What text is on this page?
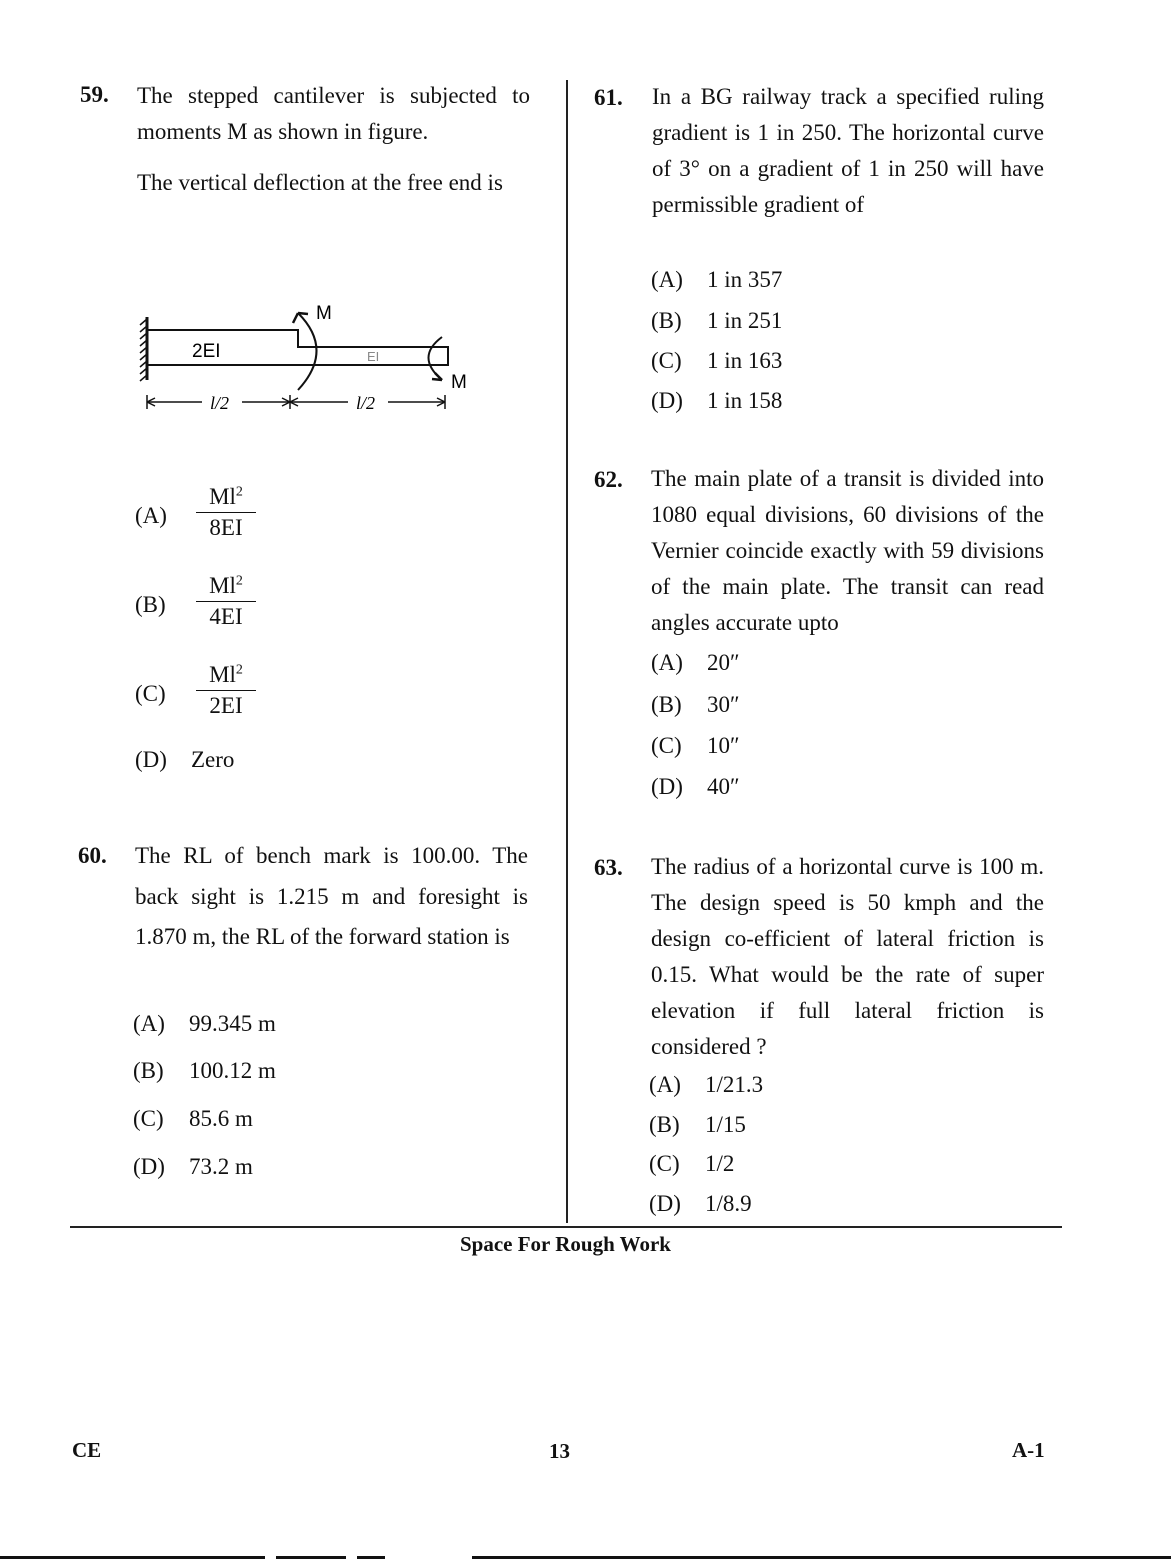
59. The stepped cantilever is subjected to moments M as shown in figure.
The vertical deflection at the free end is
2EI	EI
M
M
l/2	l/2
(A)	$\frac{Ml^2}{8EI}$
(B)	$\frac{Ml^2}{4EI}$
(C)	$\frac{Ml^2}{2EI}$
(D) Zero
60. The RL of bench mark is 100.00. The back sight is 1.215 m and foresight is 1.870 m, the RL of the forward station is
(A) 99.345 m
(B) 100.12 m
(C) 85.6 m
(D) 73.2 m
61. In a BG railway track a specified ruling gradient is 1 in 250. The horizontal curve of 3° on a gradient of 1 in 250 will have permissible gradient of
(A) 1 in 357
(B) 1 in 251
(C) 1 in 163
(D) 1 in 158
62. The main plate of a transit is divided into 1080 equal divisions, 60 divisions of the Vernier coincide exactly with 59 divisions of the main plate. The transit can read angles accurate upto
(A) 20″
(B) 30″
(C) 10″
(D) 40″
63. The radius of a horizontal curve is 100 m. The design speed is 50 kmph and the design co-efficient of lateral friction is 0.15. What would be the rate of super elevation if full lateral friction is considered ?
(A) 1/21.3
(B) 1/15
(C) 1/2
(D) 1/8.9
Space For Rough Work
CE	13	A-1
